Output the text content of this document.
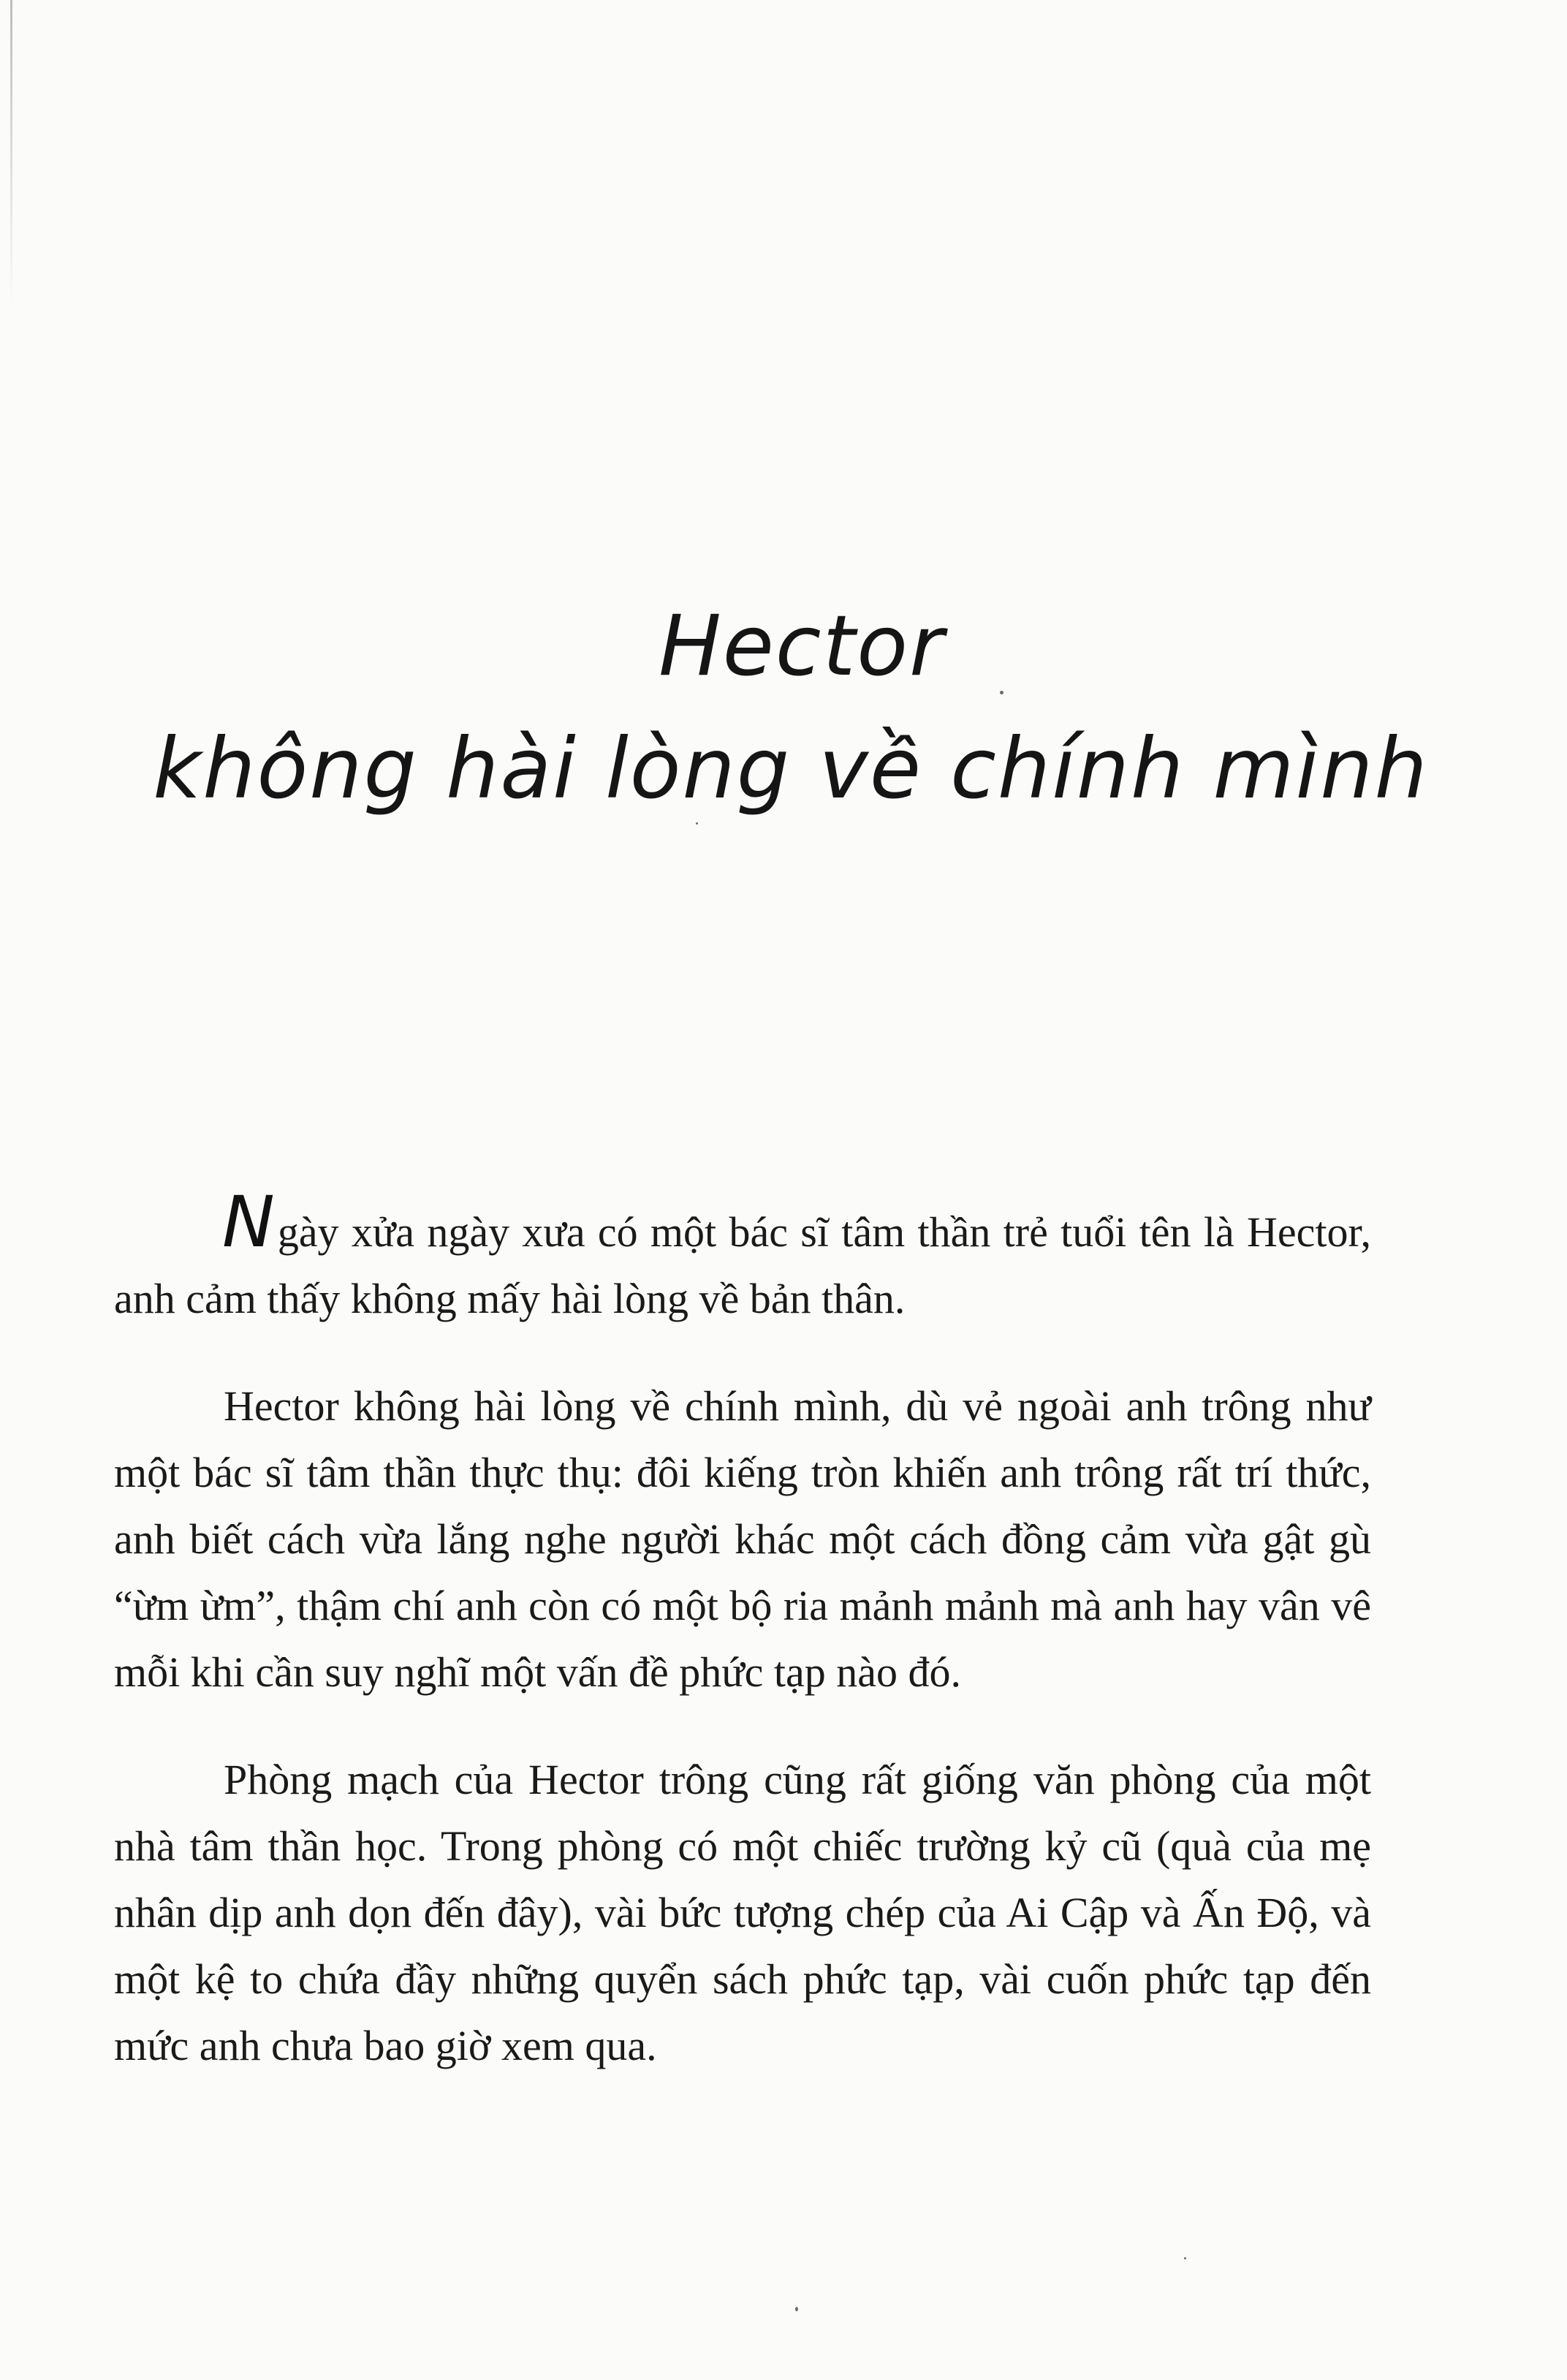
Hector
không hài lòng về chính mình

Ngày xửa ngày xưa có một bác sĩ tâm thần trẻ tuổi tên là Hector, anh cảm thấy không mấy hài lòng về bản thân.

Hector không hài lòng về chính mình, dù vẻ ngoài anh trông như một bác sĩ tâm thần thực thụ: đôi kiếng tròn khiến anh trông rất trí thức, anh biết cách vừa lắng nghe người khác một cách đồng cảm vừa gật gù “ừm ừm”, thậm chí anh còn có một bộ ria mảnh mảnh mà anh hay vân vê mỗi khi cần suy nghĩ một vấn đề phức tạp nào đó.

Phòng mạch của Hector trông cũng rất giống văn phòng của một nhà tâm thần học. Trong phòng có một chiếc trường kỷ cũ (quà của mẹ nhân dịp anh dọn đến đây), vài bức tượng chép của Ai Cập và Ấn Độ, và một kệ to chứa đầy những quyển sách phức tạp, vài cuốn phức tạp đến mức anh chưa bao giờ xem qua.
